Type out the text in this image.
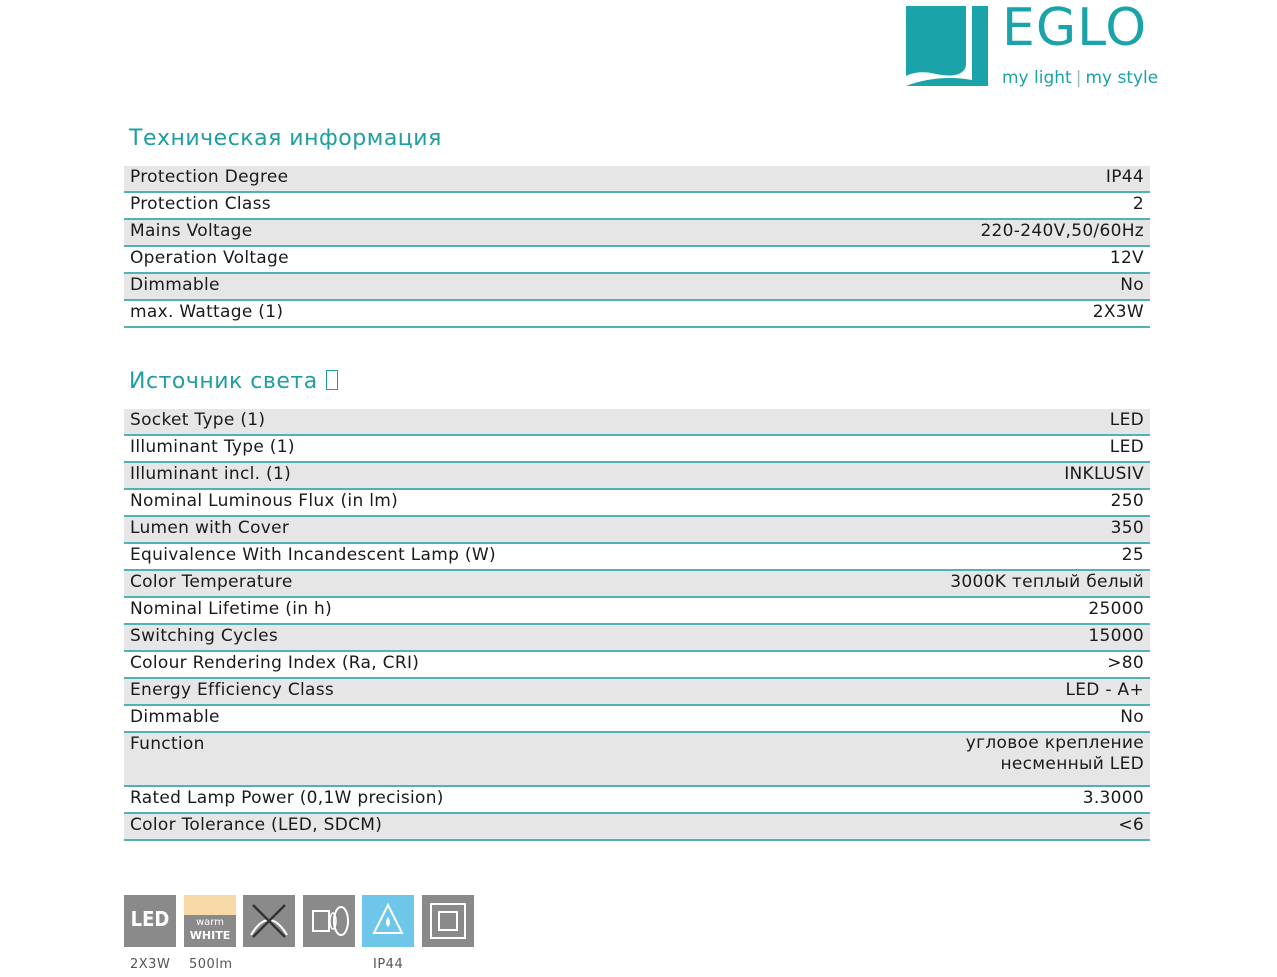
EGLO
my light | my style
Техническая информация
Protection Degree	IP44
Protection Class	2
Mains Voltage	220-240V,50/60Hz
Operation Voltage	12V
Dimmable	No
max. Wattage (1)	2X3W
Источник света
Socket Type (1)	LED
Illuminant Type (1)	LED
Illuminant incl. (1)	INKLUSIV
Nominal Luminous Flux (in lm)	250
Lumen with Cover	350
Equivalence With Incandescent Lamp (W)	25
Color Temperature	3000K теплый белый
Nominal Lifetime (in h)	25000
Switching Cycles	15000
Colour Rendering Index (Ra, CRI)	>80
Energy Efficiency Class	LED - A+
Dimmable	No
Function	угловое крепление
несменный LED
Rated Lamp Power (0,1W precision)	3.3000
Color Tolerance (LED, SDCM)	<6
LED	warm
WHITE
2X3W 500lm	IP44
